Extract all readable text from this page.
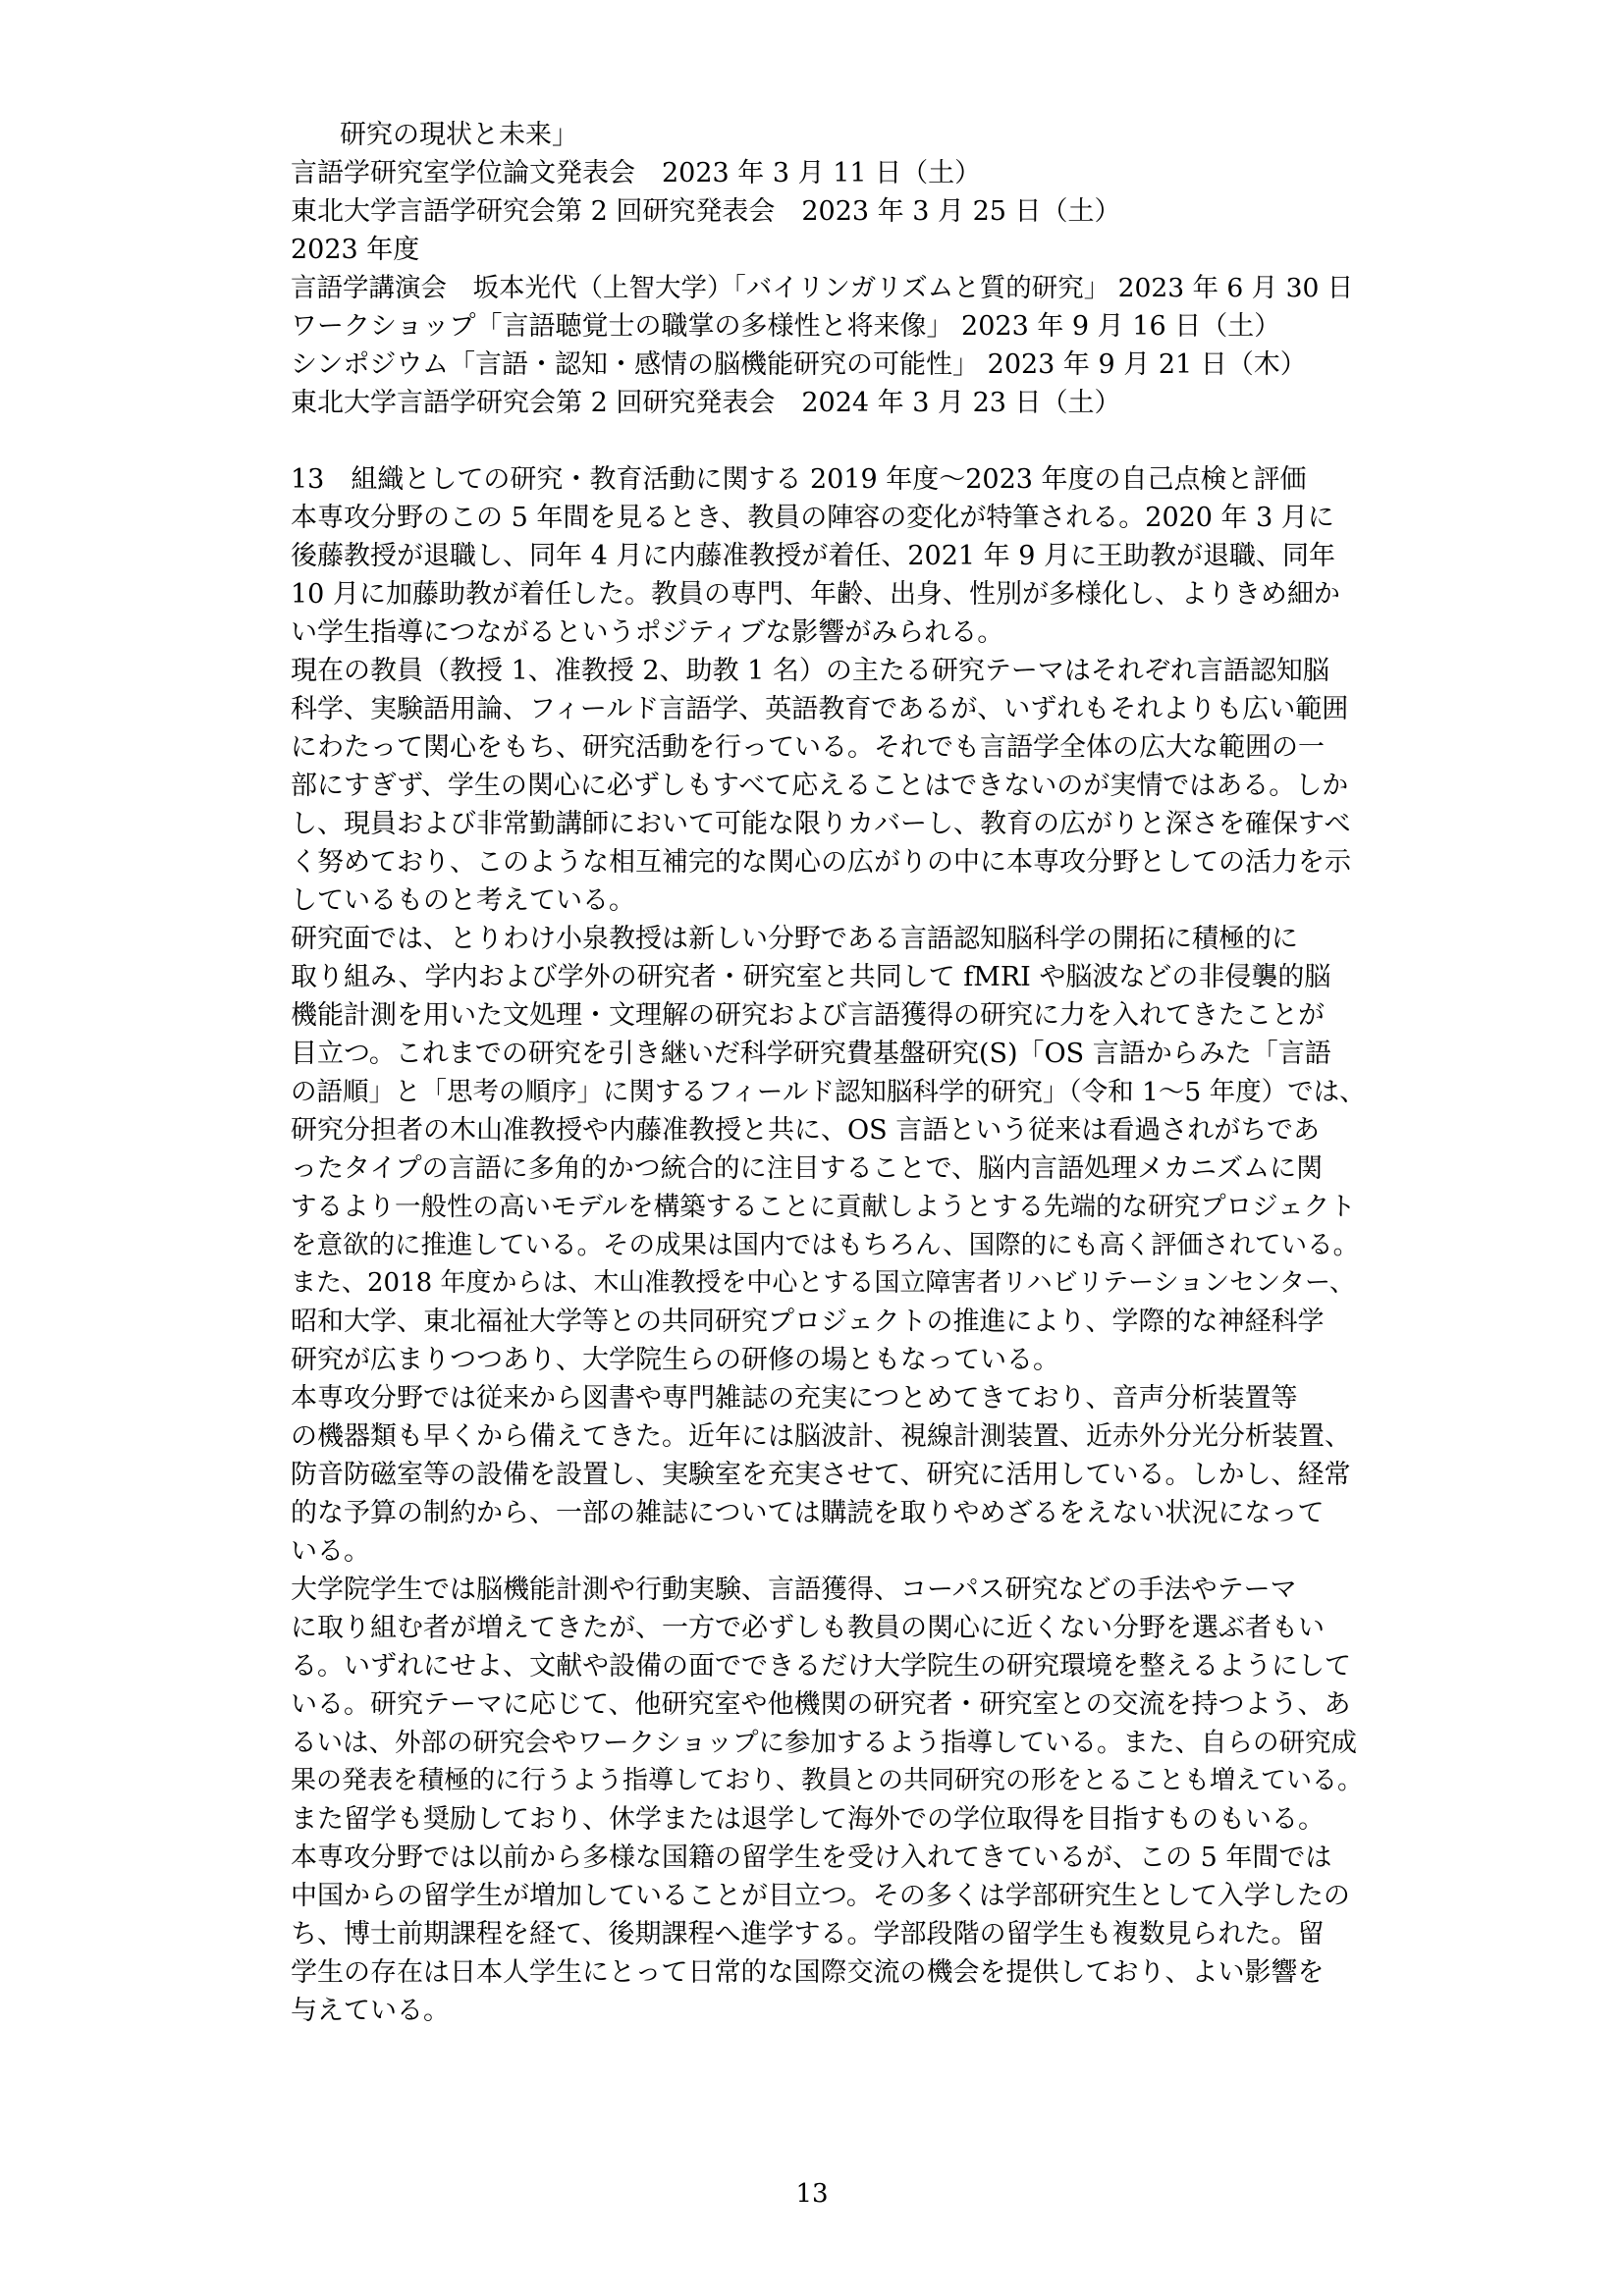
研究の現状と未来」
言語学研究室学位論文発表会　2023 年 3 月 11 日（土）
東北大学言語学研究会第 2 回研究発表会　2023 年 3 月 25 日（土）
2023 年度
言語学講演会　坂本光代（上智大学）「バイリンガリズムと質的研究」 2023 年 6 月 30 日
ワークショップ「言語聴覚士の職掌の多様性と将来像」 2023 年 9 月 16 日（土）
シンポジウム「言語・認知・感情の脳機能研究の可能性」 2023 年 9 月 21 日（木）
東北大学言語学研究会第 2 回研究発表会　2024 年 3 月 23 日（土）
13　組織としての研究・教育活動に関する 2019 年度～2023 年度の自己点検と評価
本専攻分野のこの 5 年間を見るとき、教員の陣容の変化が特筆される。2020 年 3 月に
後藤教授が退職し、同年 4 月に内藤准教授が着任、2021 年 9 月に王助教が退職、同年
10 月に加藤助教が着任した。教員の専門、年齢、出身、性別が多様化し、よりきめ細か
い学生指導につながるというポジティブな影響がみられる。
現在の教員（教授 1、准教授 2、助教 1 名）の主たる研究テーマはそれぞれ言語認知脳
科学、実験語用論、フィールド言語学、英語教育であるが、いずれもそれよりも広い範囲
にわたって関心をもち、研究活動を行っている。それでも言語学全体の広大な範囲の一
部にすぎず、学生の関心に必ずしもすべて応えることはできないのが実情ではある。しか
し、現員および非常勤講師において可能な限りカバーし、教育の広がりと深さを確保すべ
く努めており、このような相互補完的な関心の広がりの中に本専攻分野としての活力を示
しているものと考えている。
研究面では、とりわけ小泉教授は新しい分野である言語認知脳科学の開拓に積極的に
取り組み、学内および学外の研究者・研究室と共同して fMRI や脳波などの非侵襲的脳
機能計測を用いた文処理・文理解の研究および言語獲得の研究に力を入れてきたことが
目立つ。これまでの研究を引き継いだ科学研究費基盤研究(S)「OS 言語からみた「言語
の語順」と「思考の順序」に関するフィールド認知脳科学的研究」（令和 1～5 年度）では、
研究分担者の木山准教授や内藤准教授と共に、OS 言語という従来は看過されがちであ
ったタイプの言語に多角的かつ統合的に注目することで、脳内言語処理メカニズムに関
するより一般性の高いモデルを構築することに貢献しようとする先端的な研究プロジェクト
を意欲的に推進している。その成果は国内ではもちろん、国際的にも高く評価されている。
また、2018 年度からは、木山准教授を中心とする国立障害者リハビリテーションセンター、
昭和大学、東北福祉大学等との共同研究プロジェクトの推進により、学際的な神経科学
研究が広まりつつあり、大学院生らの研修の場ともなっている。
本専攻分野では従来から図書や専門雑誌の充実につとめてきており、音声分析装置等
の機器類も早くから備えてきた。近年には脳波計、視線計測装置、近赤外分光分析装置、
防音防磁室等の設備を設置し、実験室を充実させて、研究に活用している。しかし、経常
的な予算の制約から、一部の雑誌については購読を取りやめざるをえない状況になって
いる。
大学院学生では脳機能計測や行動実験、言語獲得、コーパス研究などの手法やテーマ
に取り組む者が増えてきたが、一方で必ずしも教員の関心に近くない分野を選ぶ者もい
る。いずれにせよ、文献や設備の面でできるだけ大学院生の研究環境を整えるようにして
いる。研究テーマに応じて、他研究室や他機関の研究者・研究室との交流を持つよう、あ
るいは、外部の研究会やワークショップに参加するよう指導している。また、自らの研究成
果の発表を積極的に行うよう指導しており、教員との共同研究の形をとることも増えている。
また留学も奨励しており、休学または退学して海外での学位取得を目指すものもいる。
本専攻分野では以前から多様な国籍の留学生を受け入れてきているが、この 5 年間では
中国からの留学生が増加していることが目立つ。その多くは学部研究生として入学したの
ち、博士前期課程を経て、後期課程へ進学する。学部段階の留学生も複数見られた。留
学生の存在は日本人学生にとって日常的な国際交流の機会を提供しており、よい影響を
与えている。
13
